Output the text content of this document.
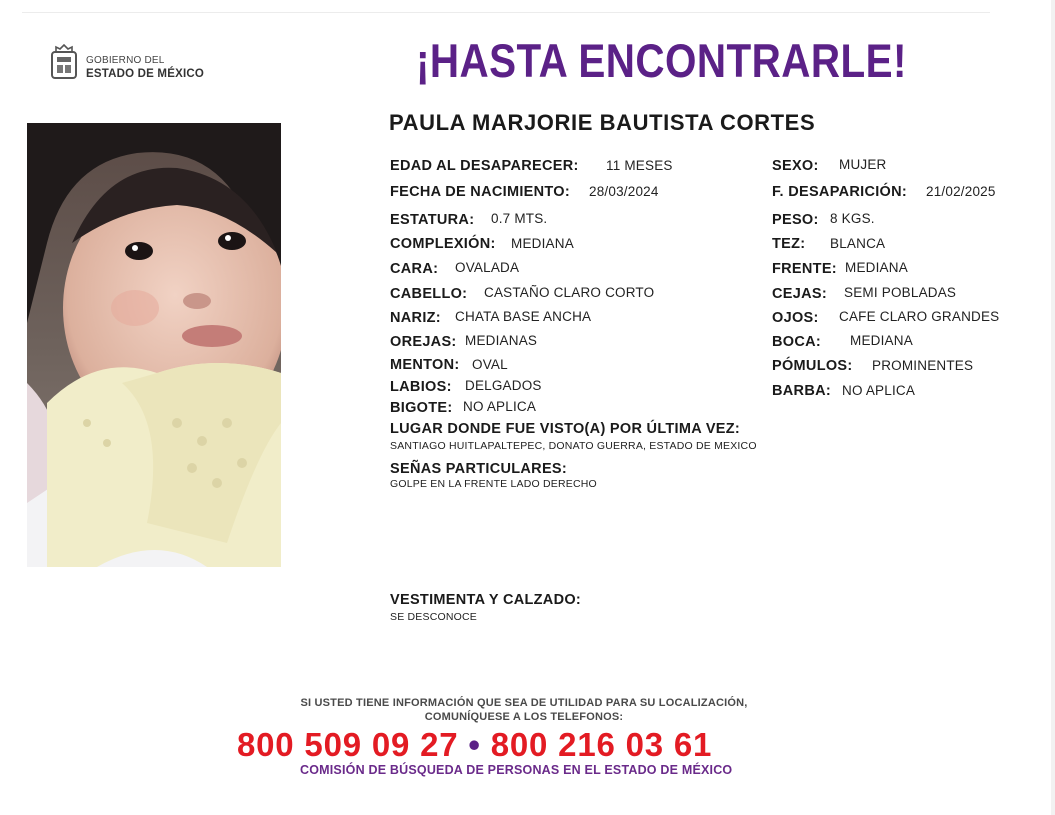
GOBIERNO DEL
ESTADO DE MÉXICO	¡HASTA ENCONTRARLE!
PAULA MARJORIE BAUTISTA CORTES
EDAD AL DESAPARECER: 11 MESES
FECHA DE NACIMIENTO: 28/03/2024
ESTATURA: 0.7 MTS.
COMPLEXIÓN: MEDIANA
CARA: OVALADA
CABELLO: CASTAÑO CLARO CORTO
NARIZ: CHATA BASE ANCHA
OREJAS: MEDIANAS
MENTON: OVAL
LABIOS: DELGADOS
BIGOTE: NO APLICA
SEXO: MUJER
F. DESAPARICIÓN: 21/02/2025
PESO: 8 KGS.
TEZ: BLANCA
FRENTE: MEDIANA
CEJAS: SEMI POBLADAS
OJOS: CAFE CLARO GRANDES
BOCA: MEDIANA
PÓMULOS: PROMINENTES
BARBA: NO APLICA
LUGAR DONDE FUE VISTO(A) POR ÚLTIMA VEZ:
SANTIAGO HUITLAPALTEPEC, DONATO GUERRA, ESTADO DE MEXICO
SEÑAS PARTICULARES:
GOLPE EN LA FRENTE LADO DERECHO
VESTIMENTA Y CALZADO:
SE DESCONOCE
SI USTED TIENE INFORMACIÓN QUE SEA DE UTILIDAD PARA SU LOCALIZACIÓN,
COMUNÍQUESE A LOS TELEFONOS:
800 509 09 27 • 800 216 03 61
COMISIÓN DE BÚSQUEDA DE PERSONAS EN EL ESTADO DE MÉXICO
